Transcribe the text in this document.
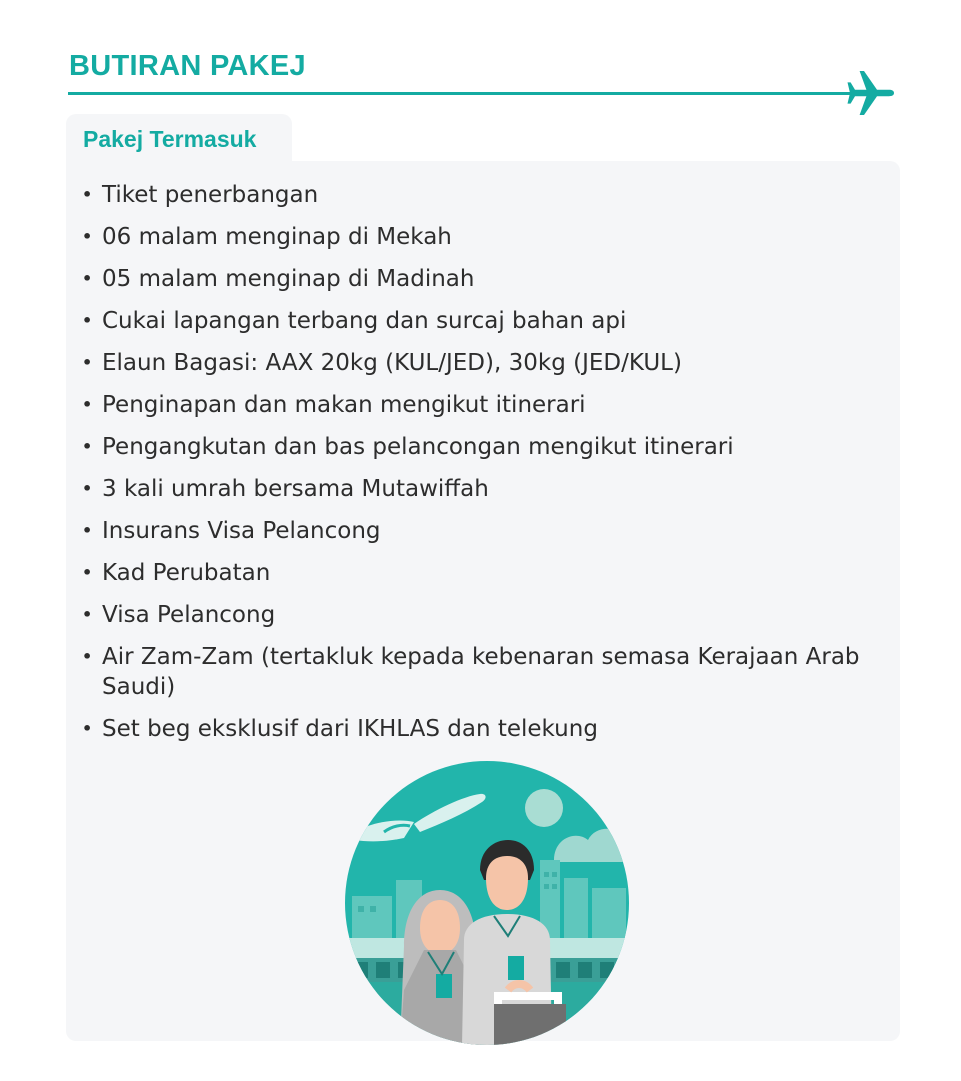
BUTIRAN PAKEJ
Pakej Termasuk
• Tiket penerbangan
• 06 malam menginap di Mekah
• 05 malam menginap di Madinah
• Cukai lapangan terbang dan surcaj bahan api
• Elaun Bagasi: AAX 20kg (KUL/JED), 30kg (JED/KUL)
• Penginapan dan makan mengikut itinerari
• Pengangkutan dan bas pelancongan mengikut itinerari
• 3 kali umrah bersama Mutawiffah
• Insurans Visa Pelancong
• Kad Perubatan
• Visa Pelancong
• Air Zam-Zam (tertakluk kepada kebenaran semasa Kerajaan Arab Saudi)
• Set beg eksklusif dari IKHLAS dan telekung
